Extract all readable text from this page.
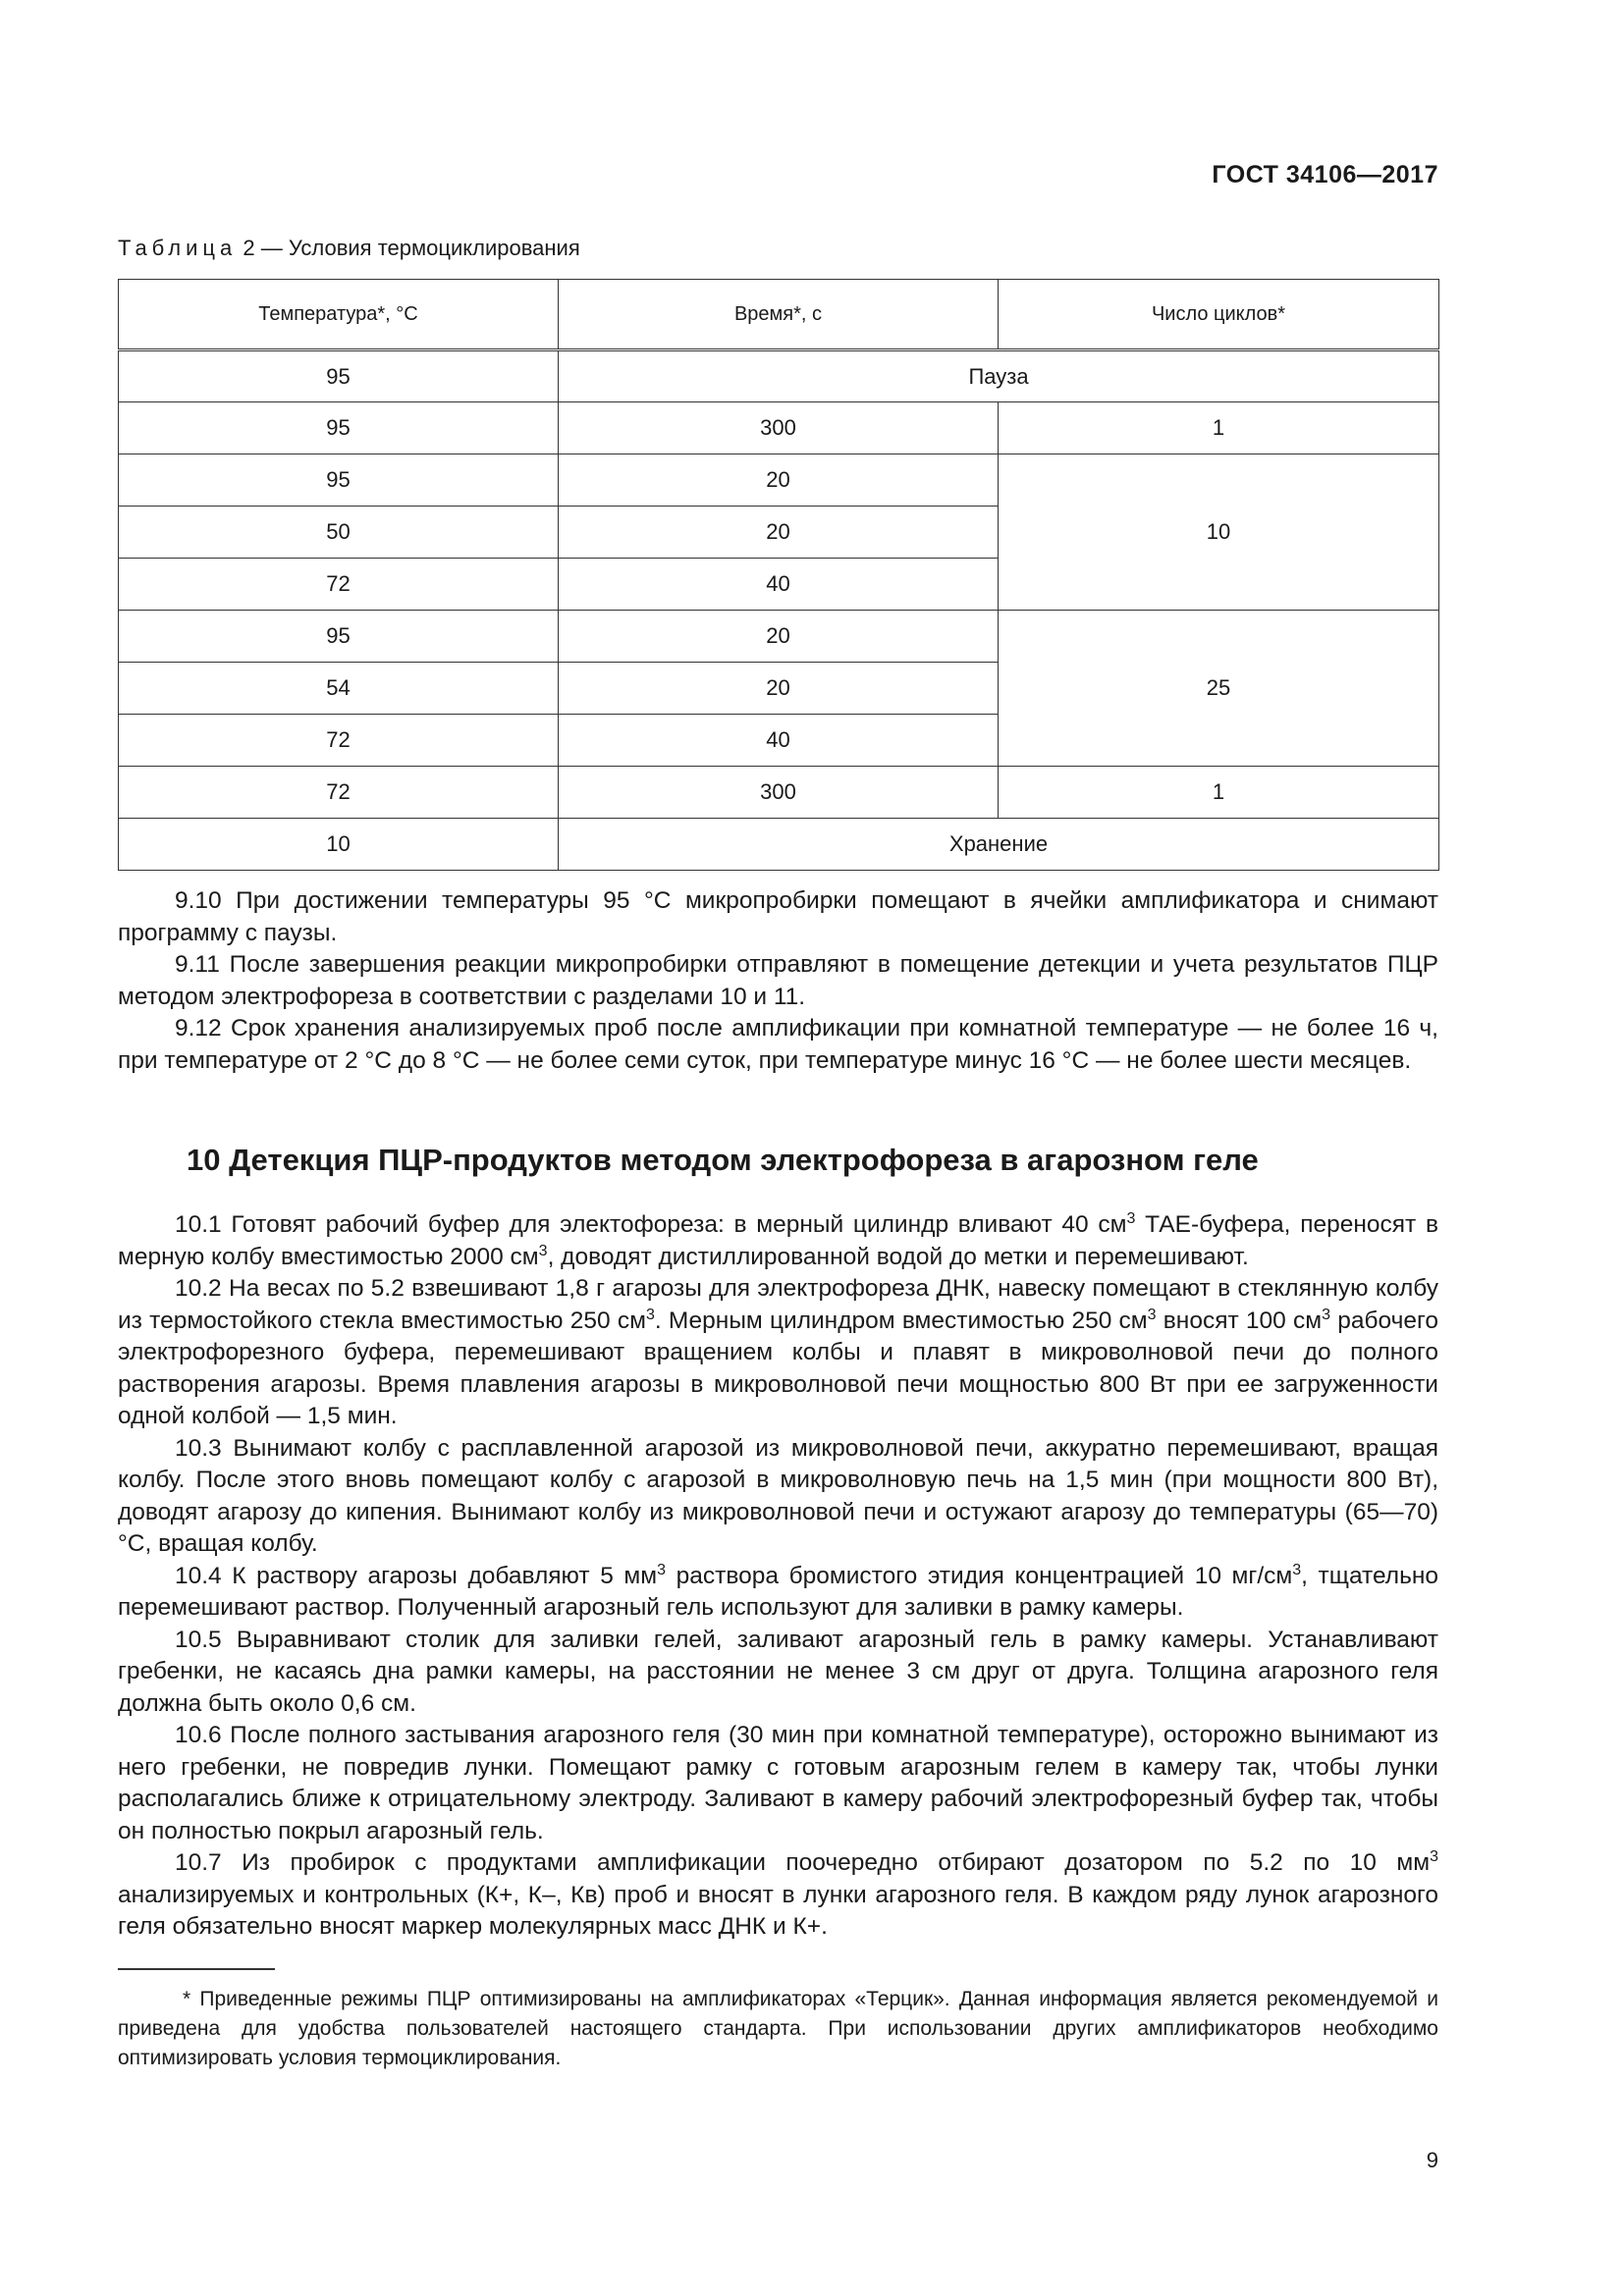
ГОСТ 34106—2017
Таблица 2 — Условия термоциклирования
Температура*, °C	Время*, с	Число циклов*
95	Пауза	
95	300	1
95	20	10
50	20	
72	40	
95	20	25
54	20	
72	40	
72	300	1
10	Хранение	

9.10 При достижении температуры 95 °С микропробирки помещают в ячейки амплификатора и снимают программу с паузы.

9.11 После завершения реакции микропробирки отправляют в помещение детекции и учета результатов ПЦР методом электрофореза в соответствии с разделами 10 и 11.

9.12 Срок хранения анализируемых проб после амплификации при комнатной температуре — не более 16 ч, при температуре от 2 °С до 8 °С — не более семи суток, при температуре минус 16 °С — не более шести месяцев.

10 Детекция ПЦР-продуктов методом электрофореза в агарозном геле

10.1 Готовят рабочий буфер для электофореза: в мерный цилиндр вливают 40 $см^3$ ТАЕ-буфера, переносят в мерную колбу вместимостью 2000 $см^3$, доводят дистиллированной водой до метки и перемешивают.

10.2 На весах по 5.2 взвешивают 1,8 г агарозы для электрофореза ДНК, навеску помещают в стеклянную колбу из термостойкого стекла вместимостью 250 $см^3$. Мерным цилиндром вместимостью 250 $см^3$ вносят 100 $см^3$ рабочего электрофорезного буфера, перемешивают вращением колбы и плавят в микроволновой печи до полного растворения агарозы. Время плавления агарозы в микроволновой печи мощностью 800 Вт при ее загруженности одной колбой — 1,5 мин.

10.3 Вынимают колбу с расплавленной агарозой из микроволновой печи, аккуратно перемешивают, вращая колбу. После этого вновь помещают колбу с агарозой в микроволновую печь на 1,5 мин (при мощности 800 Вт), доводят агарозу до кипения. Вынимают колбу из микроволновой печи и остужают агарозу до температуры (65—70) °С, вращая колбу.

10.4 К раствору агарозы добавляют 5 $мм^3$ раствора бромистого этидия концентрацией 10 $мг/см^3$, тщательно перемешивают раствор. Полученный агарозный гель используют для заливки в рамку камеры.

10.5 Выравнивают столик для заливки гелей, заливают агарозный гель в рамку камеры. Устанавливают гребенки, не касаясь дна рамки камеры, на расстоянии не менее 3 см друг от друга. Толщина агарозного геля должна быть около 0,6 см.

10.6 После полного застывания агарозного геля (30 мин при комнатной температуре), осторожно вынимают из него гребенки, не повредив лунки. Помещают рамку с готовым агарозным гелем в камеру так, чтобы лунки располагались ближе к отрицательному электроду. Заливают в камеру рабочий электрофорезный буфер так, чтобы он полностью покрыл агарозный гель.

10.7 Из пробирок с продуктами амплификации поочередно отбирают дозатором по 5.2 по 10 $мм^3$ анализируемых и контрольных (К+, К–, Кв) проб и вносят в лунки агарозного геля. В каждом ряду лунок агарозного геля обязательно вносят маркер молекулярных масс ДНК и К+.

* Приведенные режимы ПЦР оптимизированы на амплификаторах «Терцик». Данная информация является рекомендуемой и приведена для удобства пользователей настоящего стандарта. При использовании других амплификаторов необходимо оптимизировать условия термоциклирования.

9
